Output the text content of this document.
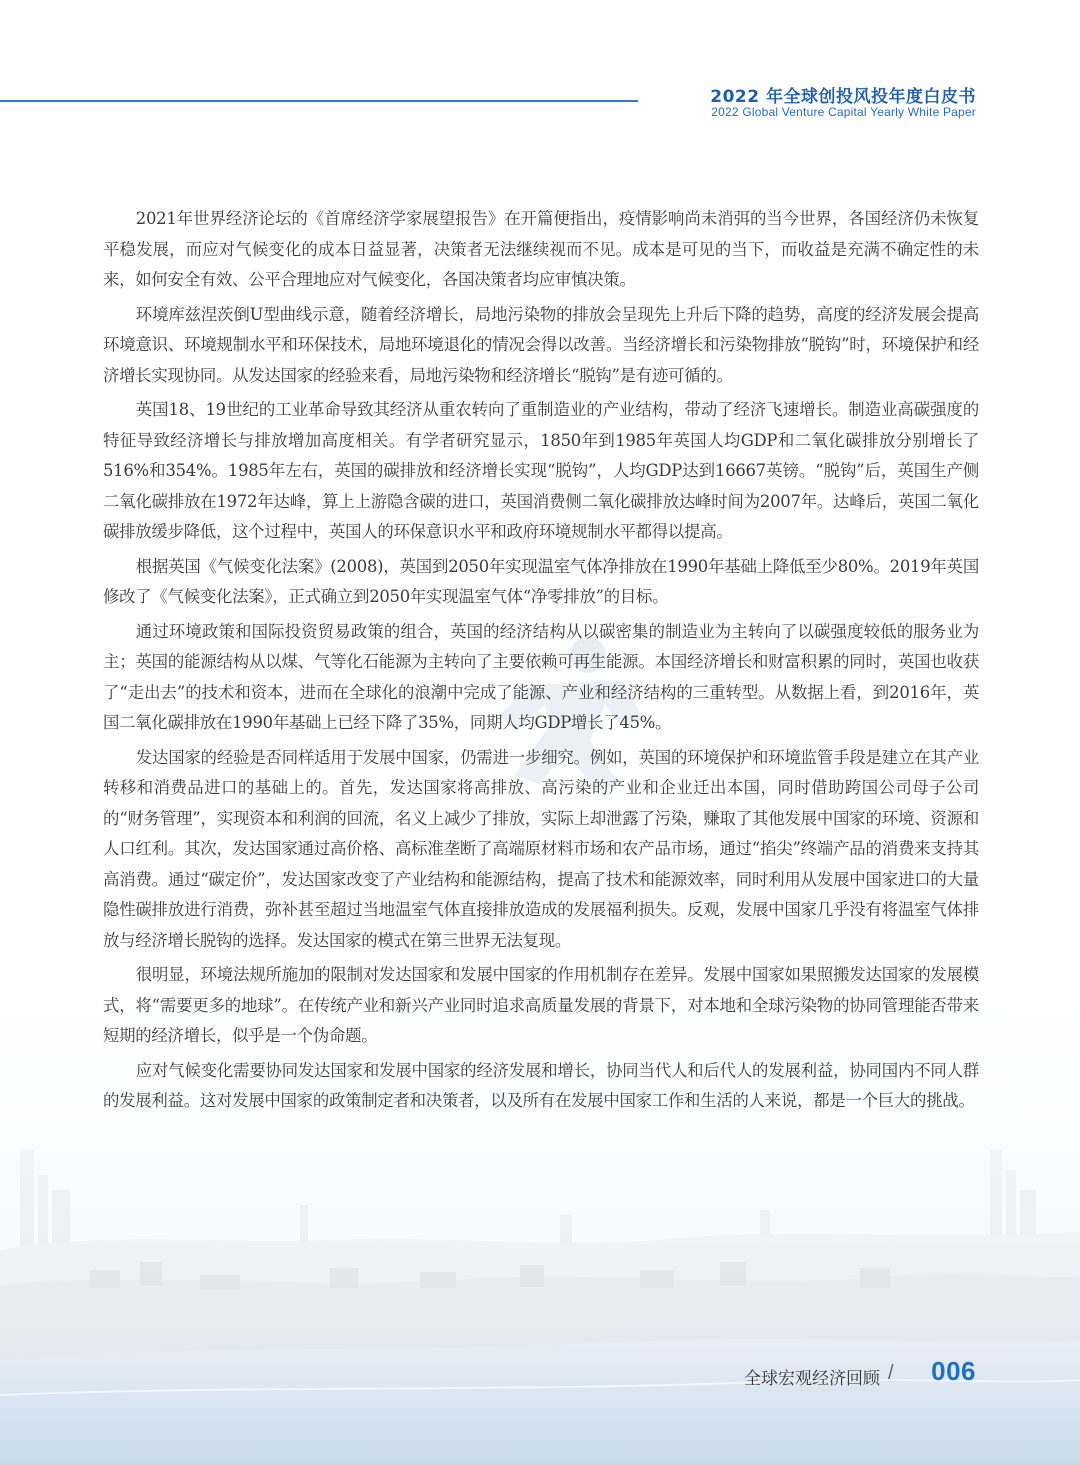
2022 年全球创投风投年度白皮书
2022 Global Venture Capital Yearly White Paper

2021年世界经济论坛的《首席经济学家展望报告》在开篇便指出，疫情影响尚未消弭的当今世界，各国经济仍未恢复平稳发展，而应对气候变化的成本日益显著，决策者无法继续视而不见。成本是可见的当下，而收益是充满不确定性的未来，如何安全有效、公平合理地应对气候变化，各国决策者均应审慎决策。

环境库兹涅茨倒U型曲线示意，随着经济增长，局地污染物的排放会呈现先上升后下降的趋势，高度的经济发展会提高环境意识、环境规制水平和环保技术，局地环境退化的情况会得以改善。当经济增长和污染物排放“脱钩”时，环境保护和经济增长实现协同。从发达国家的经验来看，局地污染物和经济增长“脱钩”是有迹可循的。

英国18、19世纪的工业革命导致其经济从重农转向了重制造业的产业结构，带动了经济飞速增长。制造业高碳强度的特征导致经济增长与排放增加高度相关。有学者研究显示，1850年到1985年英国人均GDP和二氧化碳排放分别增长了516%和354%。1985年左右，英国的碳排放和经济增长实现“脱钩”，人均GDP达到16667英镑。“脱钩”后，英国生产侧二氧化碳排放在1972年达峰，算上上游隐含碳的进口，英国消费侧二氧化碳排放达峰时间为2007年。达峰后，英国二氧化碳排放缓步降低，这个过程中，英国人的环保意识水平和政府环境规制水平都得以提高。

根据英国《气候变化法案》(2008)，英国到2050年实现温室气体净排放在1990年基础上降低至少80%。2019年英国修改了《气候变化法案》，正式确立到2050年实现温室气体“净零排放”的目标。

通过环境政策和国际投资贸易政策的组合，英国的经济结构从以碳密集的制造业为主转向了以碳强度较低的服务业为主；英国的能源结构从以煤、气等化石能源为主转向了主要依赖可再生能源。本国经济增长和财富积累的同时，英国也收获了“走出去”的技术和资本，进而在全球化的浪潮中完成了能源、产业和经济结构的三重转型。从数据上看，到2016年，英国二氧化碳排放在1990年基础上已经下降了35%，同期人均GDP增长了45%。

发达国家的经验是否同样适用于发展中国家，仍需进一步细究。例如，英国的环境保护和环境监管手段是建立在其产业转移和消费品进口的基础上的。首先，发达国家将高排放、高污染的产业和企业迁出本国，同时借助跨国公司母子公司的“财务管理”，实现资本和利润的回流，名义上减少了排放，实际上却泄露了污染，赚取了其他发展中国家的环境、资源和人口红利。其次，发达国家通过高价格、高标准垄断了高端原材料市场和农产品市场，通过“掐尖”终端产品的消费来支持其高消费。通过“碳定价”，发达国家改变了产业结构和能源结构，提高了技术和能源效率，同时利用从发展中国家进口的大量隐性碳排放进行消费，弥补甚至超过当地温室气体直接排放造成的发展福利损失。反观，发展中国家几乎没有将温室气体排放与经济增长脱钩的选择。发达国家的模式在第三世界无法复现。

很明显，环境法规所施加的限制对发达国家和发展中国家的作用机制存在差异。发展中国家如果照搬发达国家的发展模式，将“需要更多的地球”。在传统产业和新兴产业同时追求高质量发展的背景下，对本地和全球污染物的协同管理能否带来短期的经济增长，似乎是一个伪命题。

应对气候变化需要协同发达国家和发展中国家的经济发展和增长，协同当代人和后代人的发展利益，协同国内不同人群的发展利益。这对发展中国家的政策制定者和决策者，以及所有在发展中国家工作和生活的人来说，都是一个巨大的挑战。

全球宏观经济回顾 / 006
